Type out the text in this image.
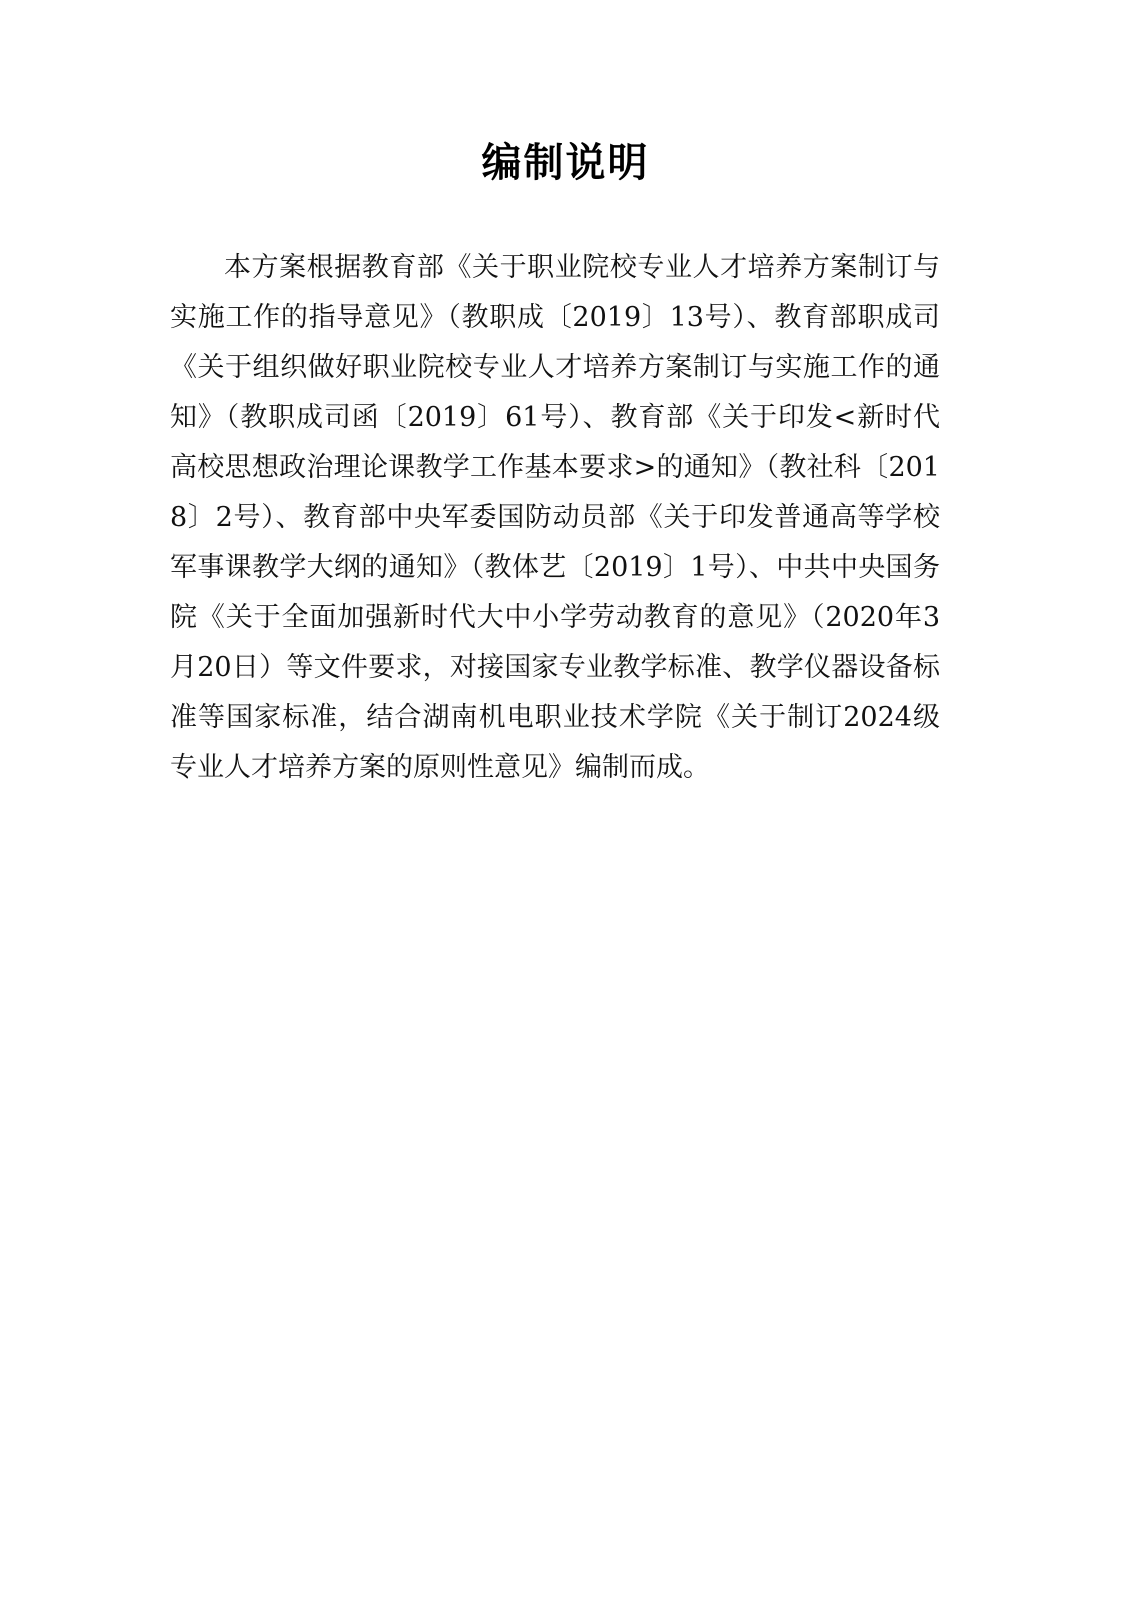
编制说明

本方案根据教育部《关于职业院校专业人才培养方案制订与实施工作的指导意见》（教职成〔2019〕13号）、教育部职成司《关于组织做好职业院校专业人才培养方案制订与实施工作的通知》（教职成司函〔2019〕61号）、教育部《关于印发<新时代高校思想政治理论课教学工作基本要求>的通知》（教社科〔2018〕2号）、教育部中央军委国防动员部《关于印发普通高等学校军事课教学大纲的通知》（教体艺〔2019〕1号）、中共中央国务院《关于全面加强新时代大中小学劳动教育的意见》（2020年3月20日）等文件要求，对接国家专业教学标准、教学仪器设备标准等国家标准，结合湖南机电职业技术学院《关于制订2024级专业人才培养方案的原则性意见》编制而成。
